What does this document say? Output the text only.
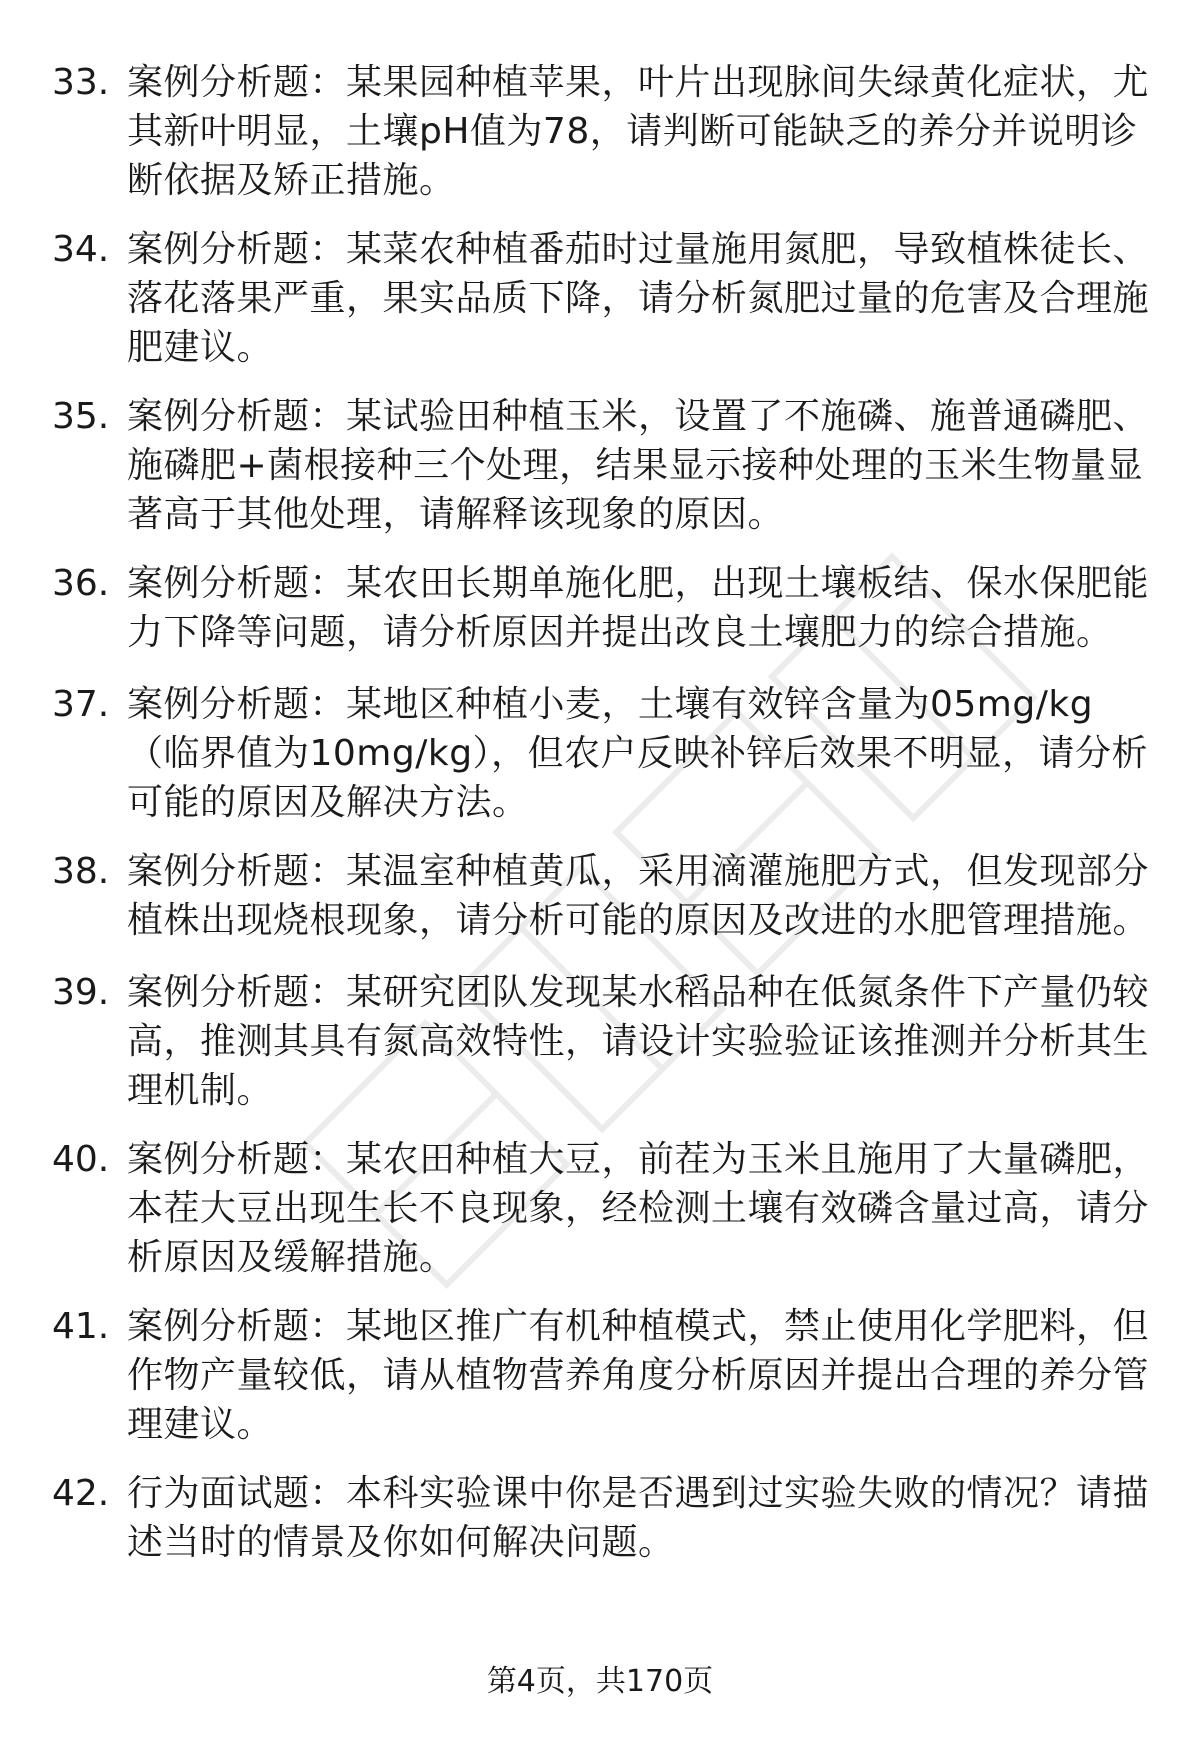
33. 案例分析题：某果园种植苹果，叶片出现脉间失绿黄化症状，尤其新叶明显，土壤pH值为78，请判断可能缺乏的养分并说明诊断依据及矫正措施。
34. 案例分析题：某菜农种植番茄时过量施用氮肥，导致植株徒长、落花落果严重，果实品质下降，请分析氮肥过量的危害及合理施肥建议。
35. 案例分析题：某试验田种植玉米，设置了不施磷、施普通磷肥、施磷肥+菌根接种三个处理，结果显示接种处理的玉米生物量显著高于其他处理，请解释该现象的原因。
36. 案例分析题：某农田长期单施化肥，出现土壤板结、保水保肥能力下降等问题，请分析原因并提出改良土壤肥力的综合措施。
37. 案例分析题：某地区种植小麦，土壤有效锌含量为05mg/kg（临界值为10mg/kg），但农户反映补锌后效果不明显，请分析可能的原因及解决方法。
38. 案例分析题：某温室种植黄瓜，采用滴灌施肥方式，但发现部分植株出现烧根现象，请分析可能的原因及改进的水肥管理措施。
39. 案例分析题：某研究团队发现某水稻品种在低氮条件下产量仍较高，推测其具有氮高效特性，请设计实验验证该推测并分析其生理机制。
40. 案例分析题：某农田种植大豆，前茬为玉米且施用了大量磷肥，本茬大豆出现生长不良现象，经检测土壤有效磷含量过高，请分析原因及缓解措施。
41. 案例分析题：某地区推广有机种植模式，禁止使用化学肥料，但作物产量较低，请从植物营养角度分析原因并提出合理的养分管理建议。
42. 行为面试题：本科实验课中你是否遇到过实验失败的情况？请描述当时的情景及你如何解决问题。
第4页，共170页
